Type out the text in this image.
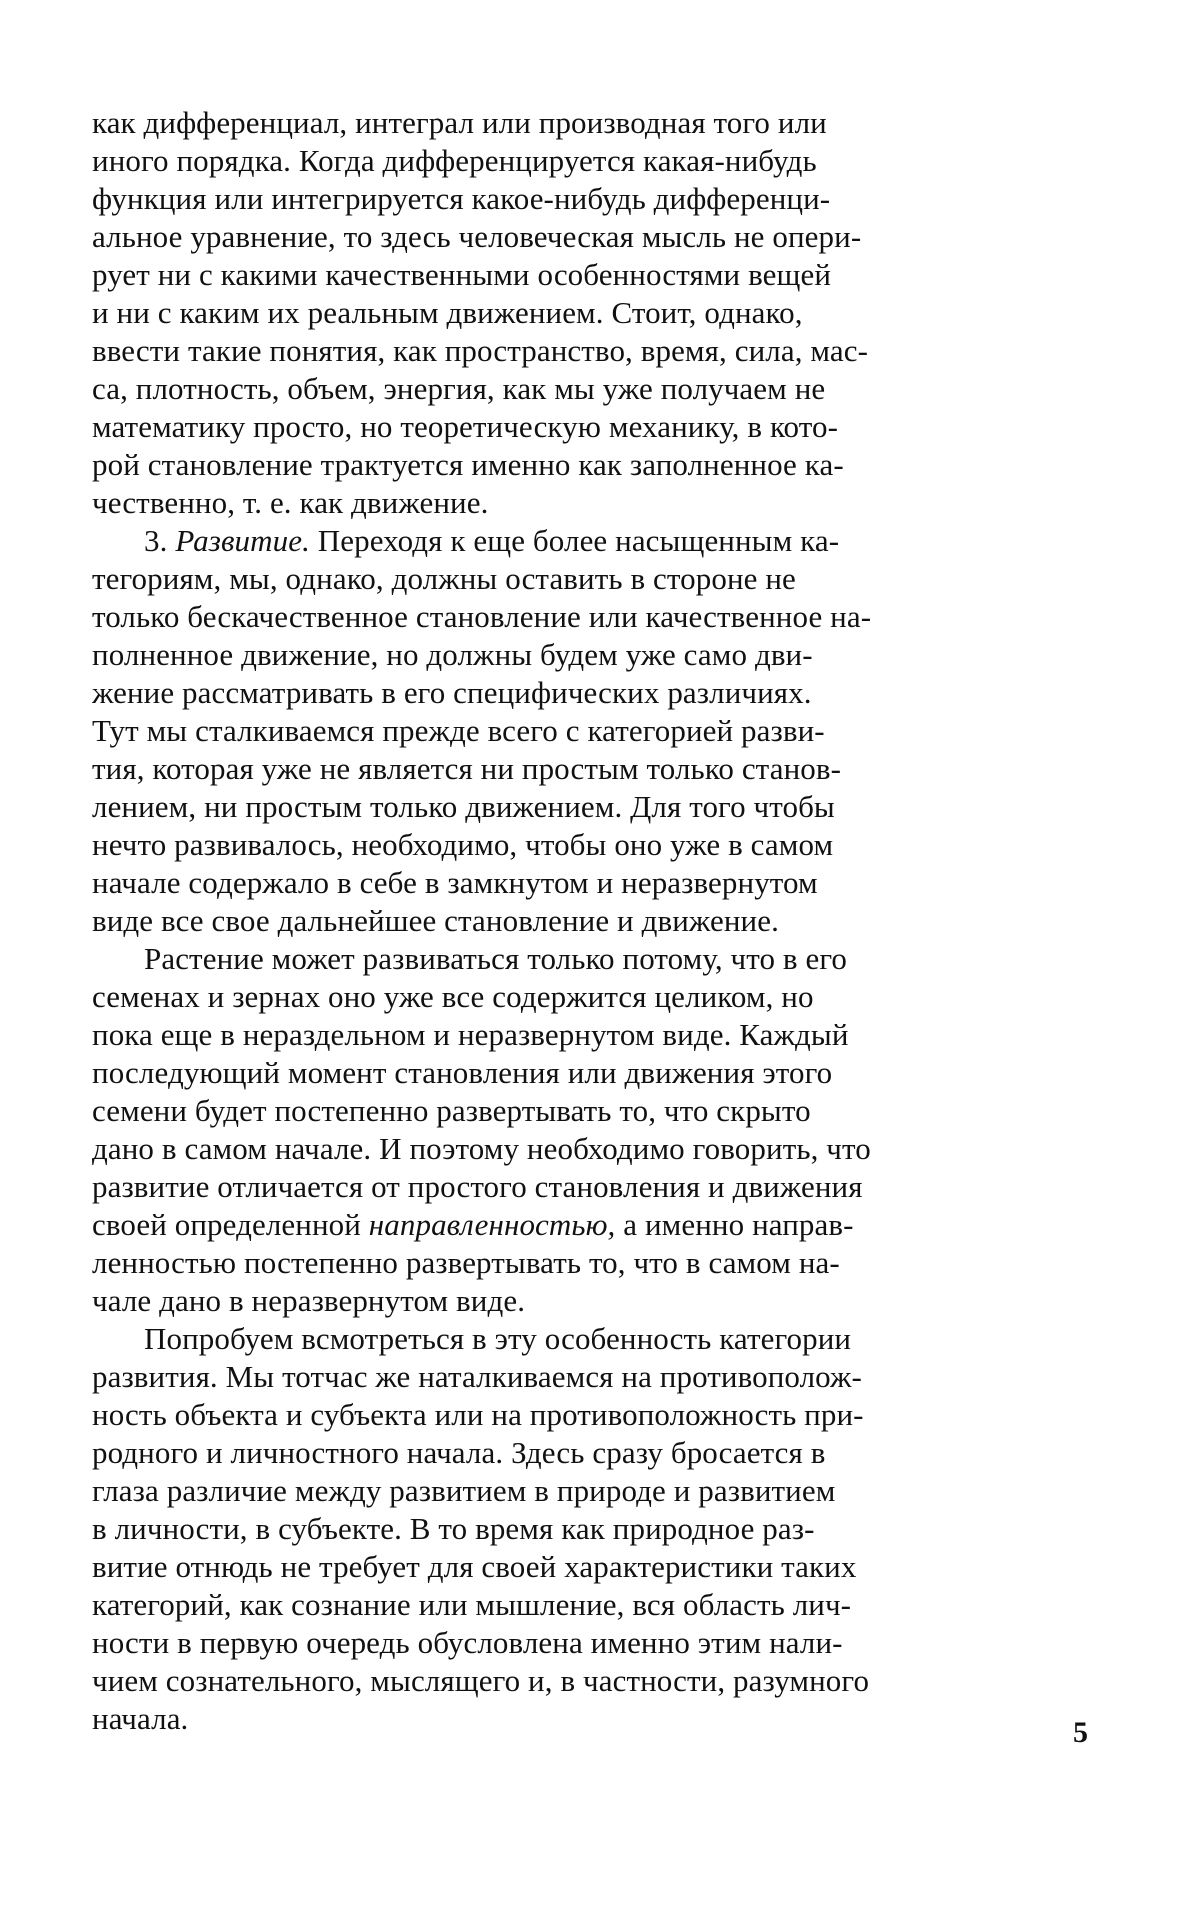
как дифференциал, интеграл или производная того или
иного порядка. Когда дифференцируется какая-нибудь
функция или интегрируется какое-нибудь дифференци-
альное уравнение, то здесь человеческая мысль не опери-
рует ни с какими качественными особенностями вещей
и ни с каким их реальным движением. Стоит, однако,
ввести такие понятия, как пространство, время, сила, мас-
са, плотность, объем, энергия, как мы уже получаем не
математику просто, но теоретическую механику, в кото-
рой становление трактуется именно как заполненное ка-
чественно, т. е. как движение.
3. Развитие. Переходя к еще более насыщенным ка-
тегориям, мы, однако, должны оставить в стороне не
только бескачественное становление или качественное на-
полненное движение, но должны будем уже само дви-
жение рассматривать в его специфических различиях.
Тут мы сталкиваемся прежде всего с категорией разви-
тия, которая уже не является ни простым только станов-
лением, ни простым только движением. Для того чтобы
нечто развивалось, необходимо, чтобы оно уже в самом
начале содержало в себе в замкнутом и неразвернутом
виде все свое дальнейшее становление и движение.
Растение может развиваться только потому, что в его
семенах и зернах оно уже все содержится целиком, но
пока еще в нераздельном и неразвернутом виде. Каждый
последующий момент становления или движения этого
семени будет постепенно развертывать то, что скрыто
дано в самом начале. И поэтому необходимо говорить, что
развитие отличается от простого становления и движения
своей определенной направленностью, а именно направ-
ленностью постепенно развертывать то, что в самом на-
чале дано в неразвернутом виде.
Попробуем всмотреться в эту особенность категории
развития. Мы тотчас же наталкиваемся на противополож-
ность объекта и субъекта или на противоположность при-
родного и личностного начала. Здесь сразу бросается в
глаза различие между развитием в природе и развитием
в личности, в субъекте. В то время как природное раз-
витие отнюдь не требует для своей характеристики таких
категорий, как сознание или мышление, вся область лич-
ности в первую очередь обусловлена именно этим нали-
чием сознательного, мыслящего и, в частности, разумного
начала.	5
